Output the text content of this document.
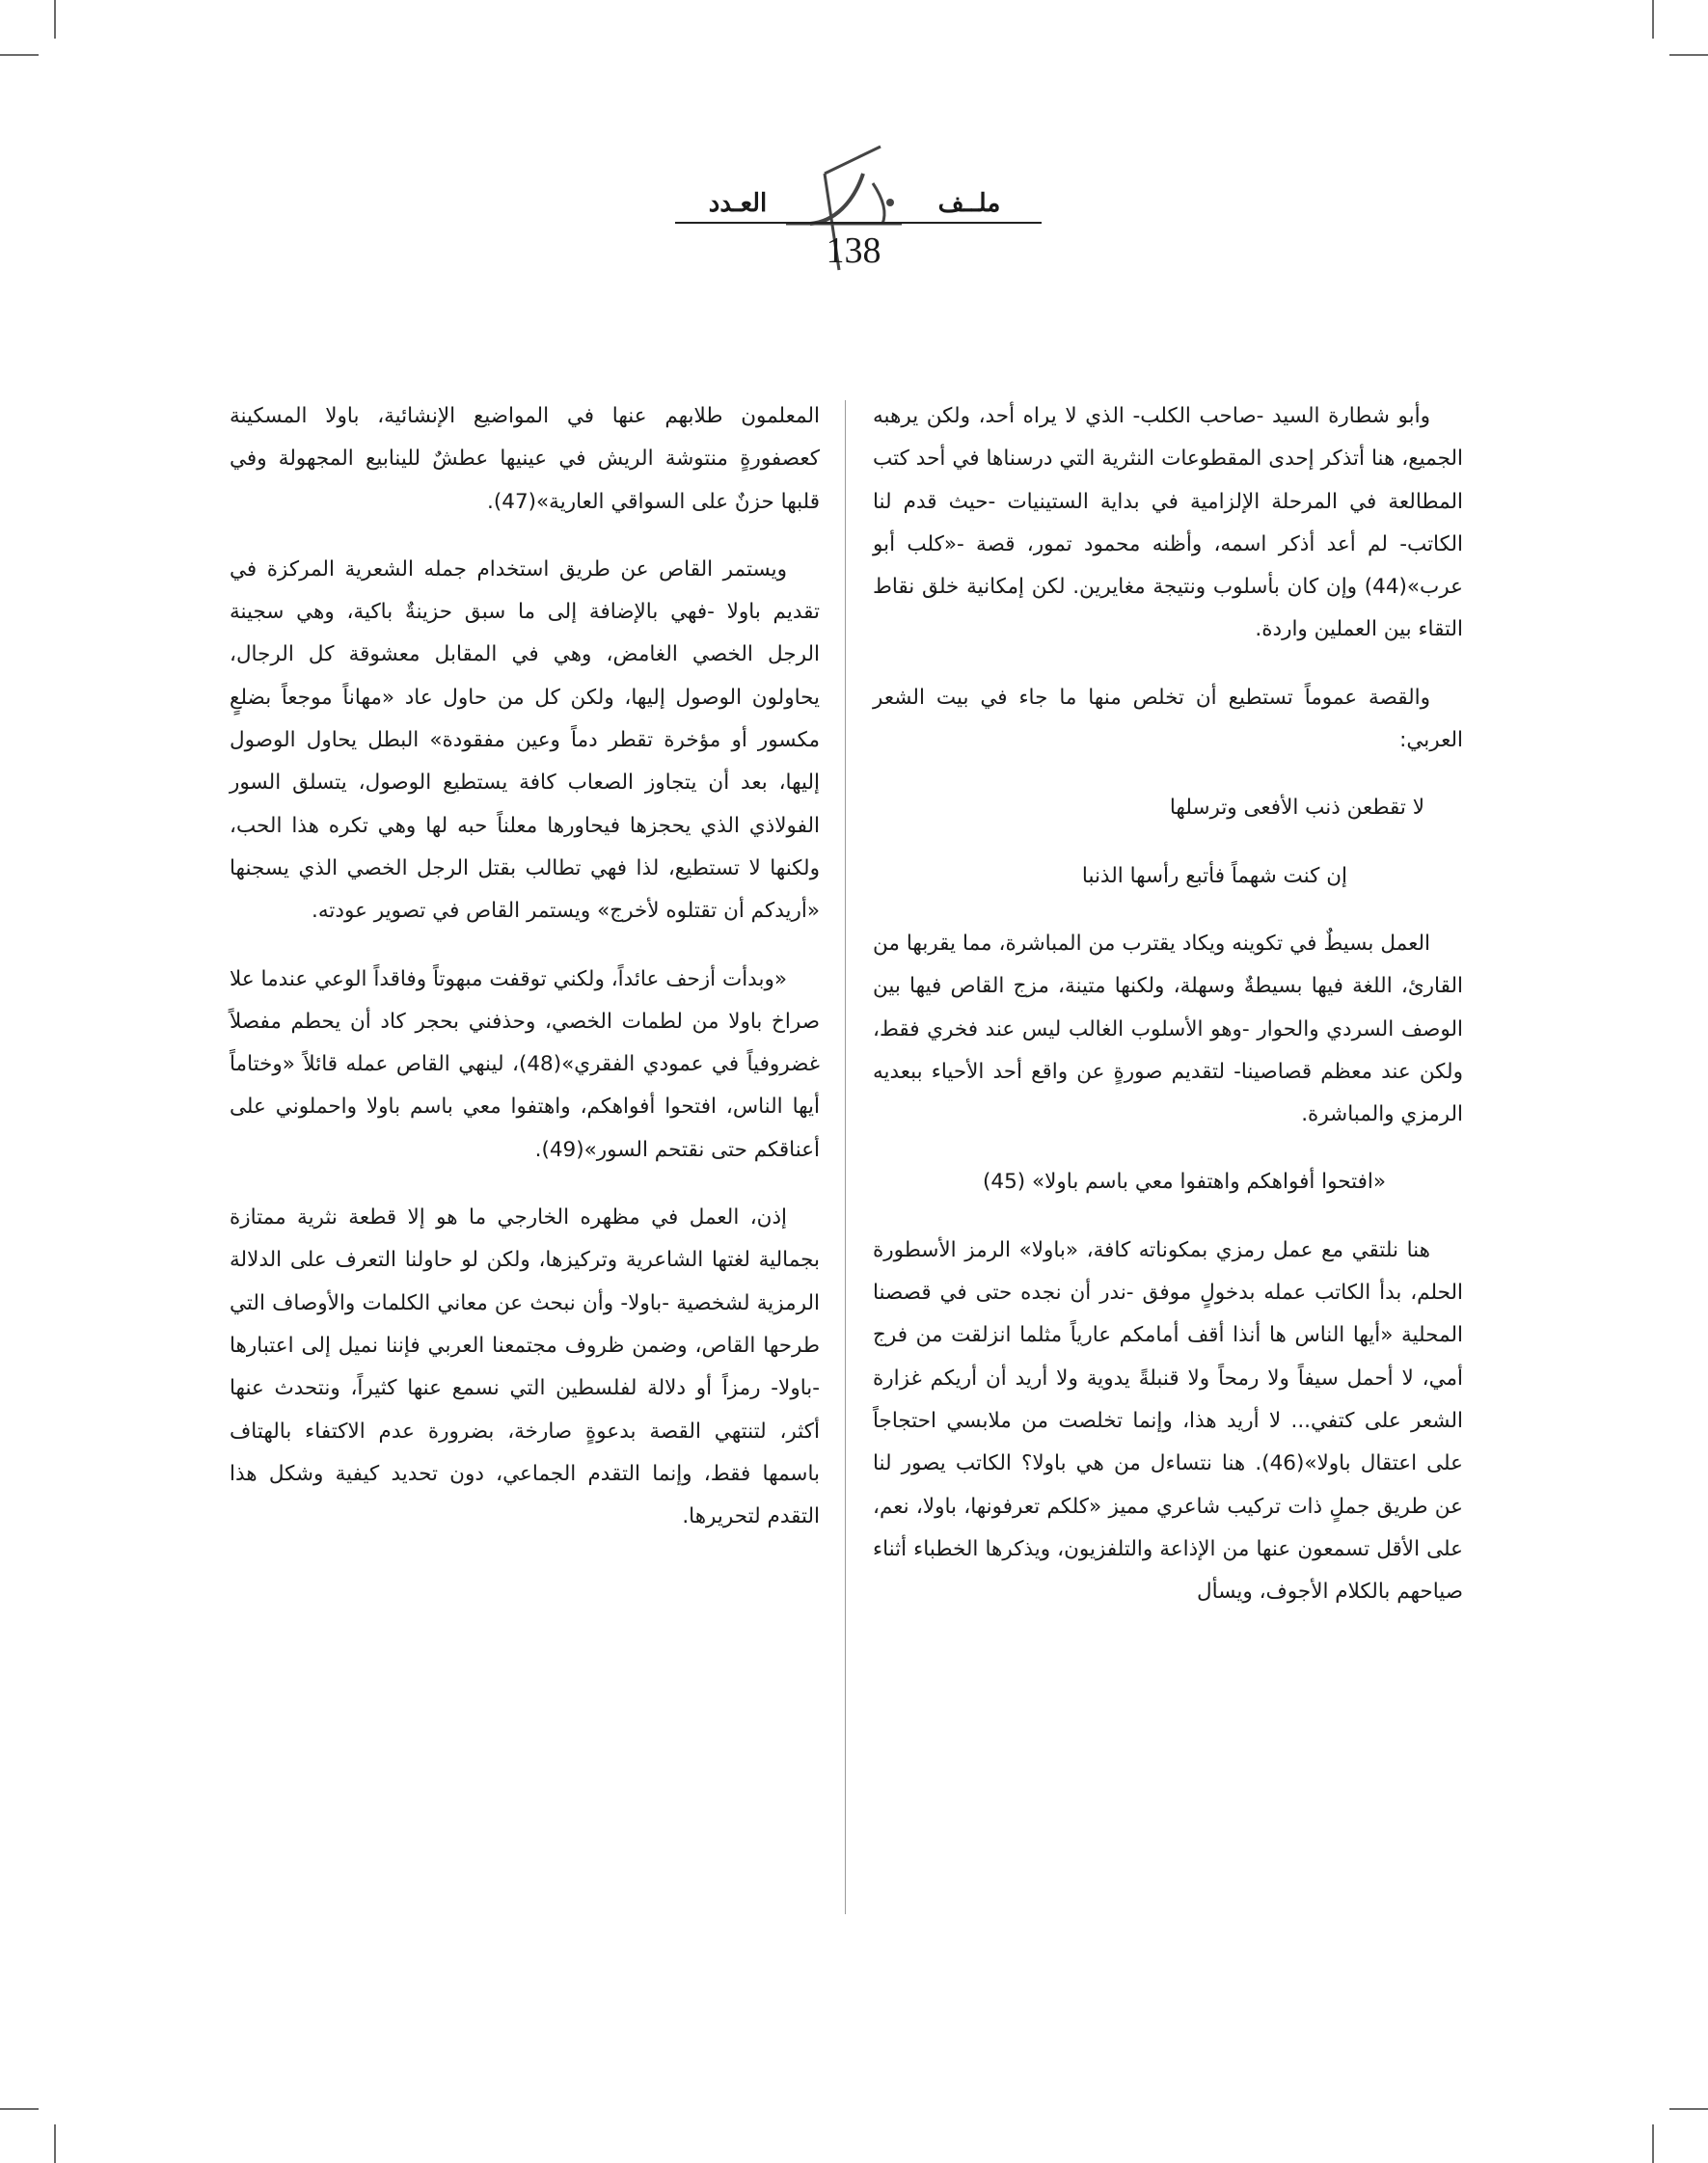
ملــف
العـدد
138

وأبو شطارة السيد -صاحب الكلب- الذي لا يراه أحد، ولكن يرهبه الجميع، هنا أتذكر إحدى المقطوعات النثرية التي درسناها في أحد كتب المطالعة في المرحلة الإلزامية في بداية الستينيات -حيث قدم لنا الكاتب- لم أعد أذكر اسمه، وأظنه محمود تمور، قصة -«كلب أبو عرب»(44) وإن كان بأسلوب ونتيجة مغايرين. لكن إمكانية خلق نقاط التقاء بين العملين واردة.

والقصة عموماً تستطيع أن تخلص منها ما جاء في بيت الشعر العربي:

لا تقطعن ذنب الأفعى وترسلها

إن كنت شهماً فأتبع رأسها الذنبا

العمل بسيطٌ في تكوينه ويكاد يقترب من المباشرة، مما يقربها من القارئ، اللغة فيها بسيطةٌ وسهلة، ولكنها متينة، مزج القاص فيها بين الوصف السردي والحوار -وهو الأسلوب الغالب ليس عند فخري فقط، ولكن عند معظم قصاصينا- لتقديم صورةٍ عن واقع أحد الأحياء ببعديه الرمزي والمباشرة.

«افتحوا أفواهكم واهتفوا معي باسم باولا» (45)

هنا نلتقي مع عمل رمزي بمكوناته كافة، «باولا» الرمز الأسطورة الحلم، بدأ الكاتب عمله بدخولٍ موفق -ندر أن نجده حتى في قصصنا المحلية «أيها الناس ها أنذا أقف أمامكم عارياً مثلما انزلقت من فرج أمي، لا أحمل سيفاً ولا رمحاً ولا قنبلةً يدوية ولا أريد أن أريكم غزارة الشعر على كتفي... لا أريد هذا، وإنما تخلصت من ملابسي احتجاجاً على اعتقال باولا»(46). هنا نتساءل من هي باولا؟ الكاتب يصور لنا عن طريق جملٍ ذات تركيب شاعري مميز «كلكم تعرفونها، باولا، نعم، على الأقل تسمعون عنها من الإذاعة والتلفزيون، ويذكرها الخطباء أثناء صياحهم بالكلام الأجوف، ويسأل

المعلمون طلابهم عنها في المواضيع الإنشائية، باولا المسكينة كعصفورةٍ منتوشة الريش في عينيها عطشٌ للينابيع المجهولة وفي قلبها حزنٌ على السواقي العارية»(47).

ويستمر القاص عن طريق استخدام جمله الشعرية المركزة في تقديم باولا -فهي بالإضافة إلى ما سبق حزينةٌ باكية، وهي سجينة الرجل الخصي الغامض، وهي في المقابل معشوقة كل الرجال، يحاولون الوصول إليها، ولكن كل من حاول عاد «مهاناً موجعاً بضلعٍ مكسور أو مؤخرة تقطر دماً وعين مفقودة» البطل يحاول الوصول إليها، بعد أن يتجاوز الصعاب كافة يستطيع الوصول، يتسلق السور الفولاذي الذي يحجزها فيحاورها معلناً حبه لها وهي تكره هذا الحب، ولكنها لا تستطيع، لذا فهي تطالب بقتل الرجل الخصي الذي يسجنها «أريدكم أن تقتلوه لأخرج» ويستمر القاص في تصوير عودته.

«وبدأت أزحف عائداً، ولكني توقفت مبهوتاً وفاقداً الوعي عندما علا صراخ باولا من لطمات الخصي، وحذفني بحجر كاد أن يحطم مفصلاً غضروفياً في عمودي الفقري»(48)، لينهي القاص عمله قائلاً «وختاماً أيها الناس، افتحوا أفواهكم، واهتفوا معي باسم باولا واحملوني على أعناقكم حتى نقتحم السور»(49).

إذن، العمل في مظهره الخارجي ما هو إلا قطعة نثرية ممتازة بجمالية لغتها الشاعرية وتركيزها، ولكن لو حاولنا التعرف على الدلالة الرمزية لشخصية -باولا- وأن نبحث عن معاني الكلمات والأوصاف التي طرحها القاص، وضمن ظروف مجتمعنا العربي فإننا نميل إلى اعتبارها -باولا- رمزاً أو دلالة لفلسطين التي نسمع عنها كثيراً، ونتحدث عنها أكثر، لتنتهي القصة بدعوةٍ صارخة، بضرورة عدم الاكتفاء بالهتاف باسمها فقط، وإنما التقدم الجماعي، دون تحديد كيفية وشكل هذا التقدم لتحريرها.
